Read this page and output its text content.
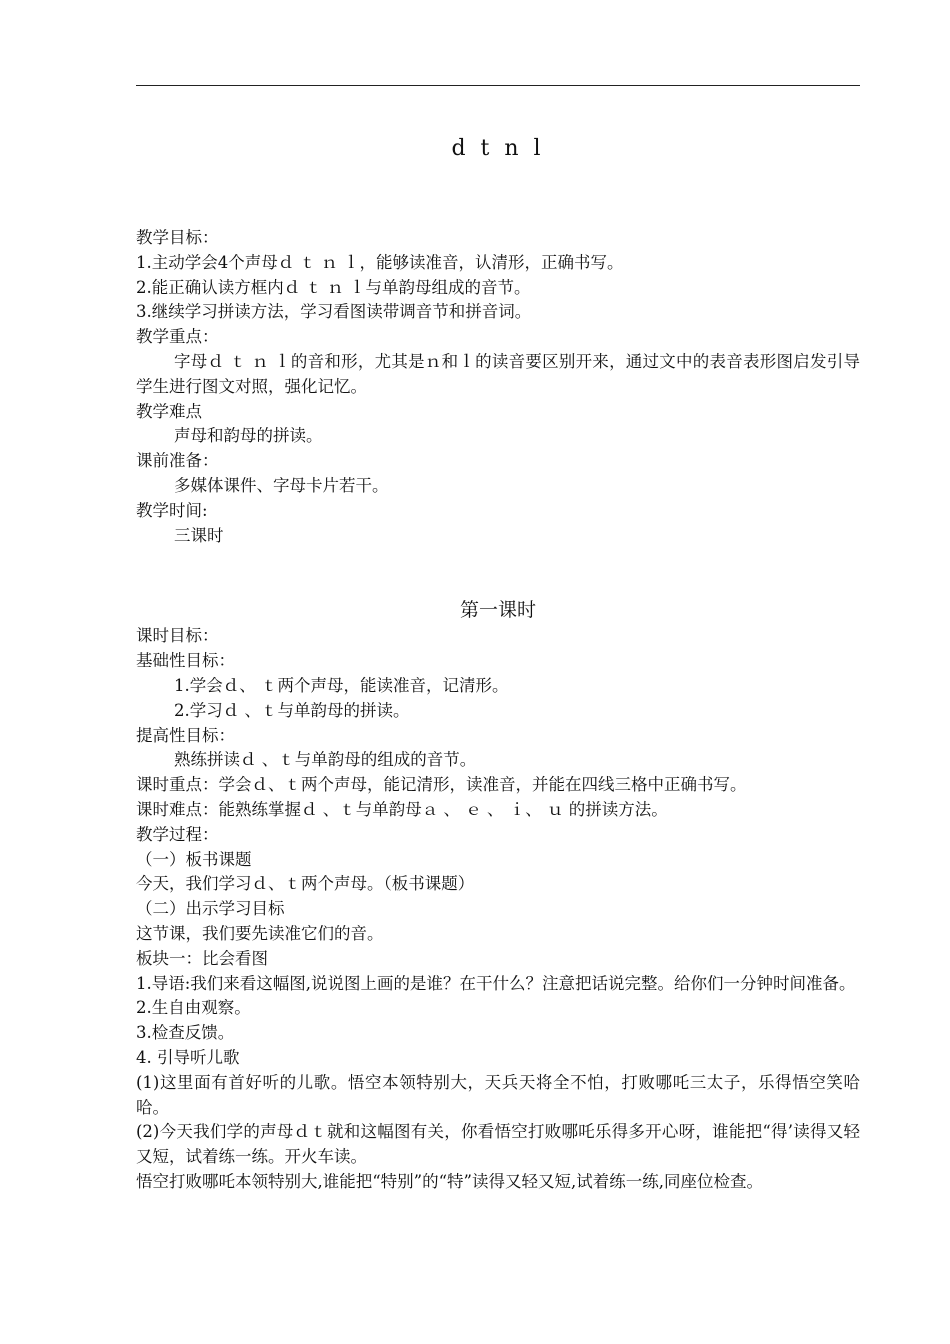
d t n l
教学目标：
1.主动学会4个声母ｄ ｔ ｎ ｌ，能够读准音，认清形，正确书写。
2.能正确认读方框内ｄ ｔ ｎ ｌ与单韵母组成的音节。
3.继续学习拼读方法，学习看图读带调音节和拼音词。
教学重点：
字母ｄ ｔ ｎ ｌ的音和形，尤其是ｎ和ｌ的读音要区别开来，通过文中的表音表形图启发引导学生进行图文对照，强化记忆。
教学难点
声母和韵母的拼读。
课前准备：
多媒体课件、字母卡片若干。
教学时间:
三课时
第一课时
课时目标：
基础性目标：
1.学会ｄ、 ｔ两个声母，能读准音，记清形。
2.学习ｄ 、ｔ与单韵母的拼读。
提高性目标：
熟练拼读ｄ 、ｔ与单韵母的组成的音节。
课时重点：学会ｄ、ｔ两个声母，能记清形，读准音，并能在四线三格中正确书写。
课时难点：能熟练掌握ｄ 、ｔ与单韵母ａ 、 ｅ 、 ｉ、 ｕ 的拼读方法。
教学过程：
（一）板书课题
今天，我们学习ｄ、ｔ两个声母。（板书课题）
（二）出示学习目标
这节课，我们要先读准它们的音。
板块一：比会看图
1.导语:我们来看这幅图,说说图上画的是谁？在干什么？注意把话说完整。给你们一分钟时间准备。
2.生自由观察。
3.检查反馈。
4. 引导听儿歌
(1)这里面有首好听的儿歌。悟空本领特别大，天兵天将全不怕，打败哪吒三太子，乐得悟空笑哈哈。
(2)今天我们学的声母ｄｔ就和这幅图有关，你看悟空打败哪吒乐得多开心呀，谁能把“得’读得又轻又短，试着练一练。开火车读。
悟空打败哪吒本领特别大,谁能把“特别”的“特”读得又轻又短,试着练一练,同座位检查。
